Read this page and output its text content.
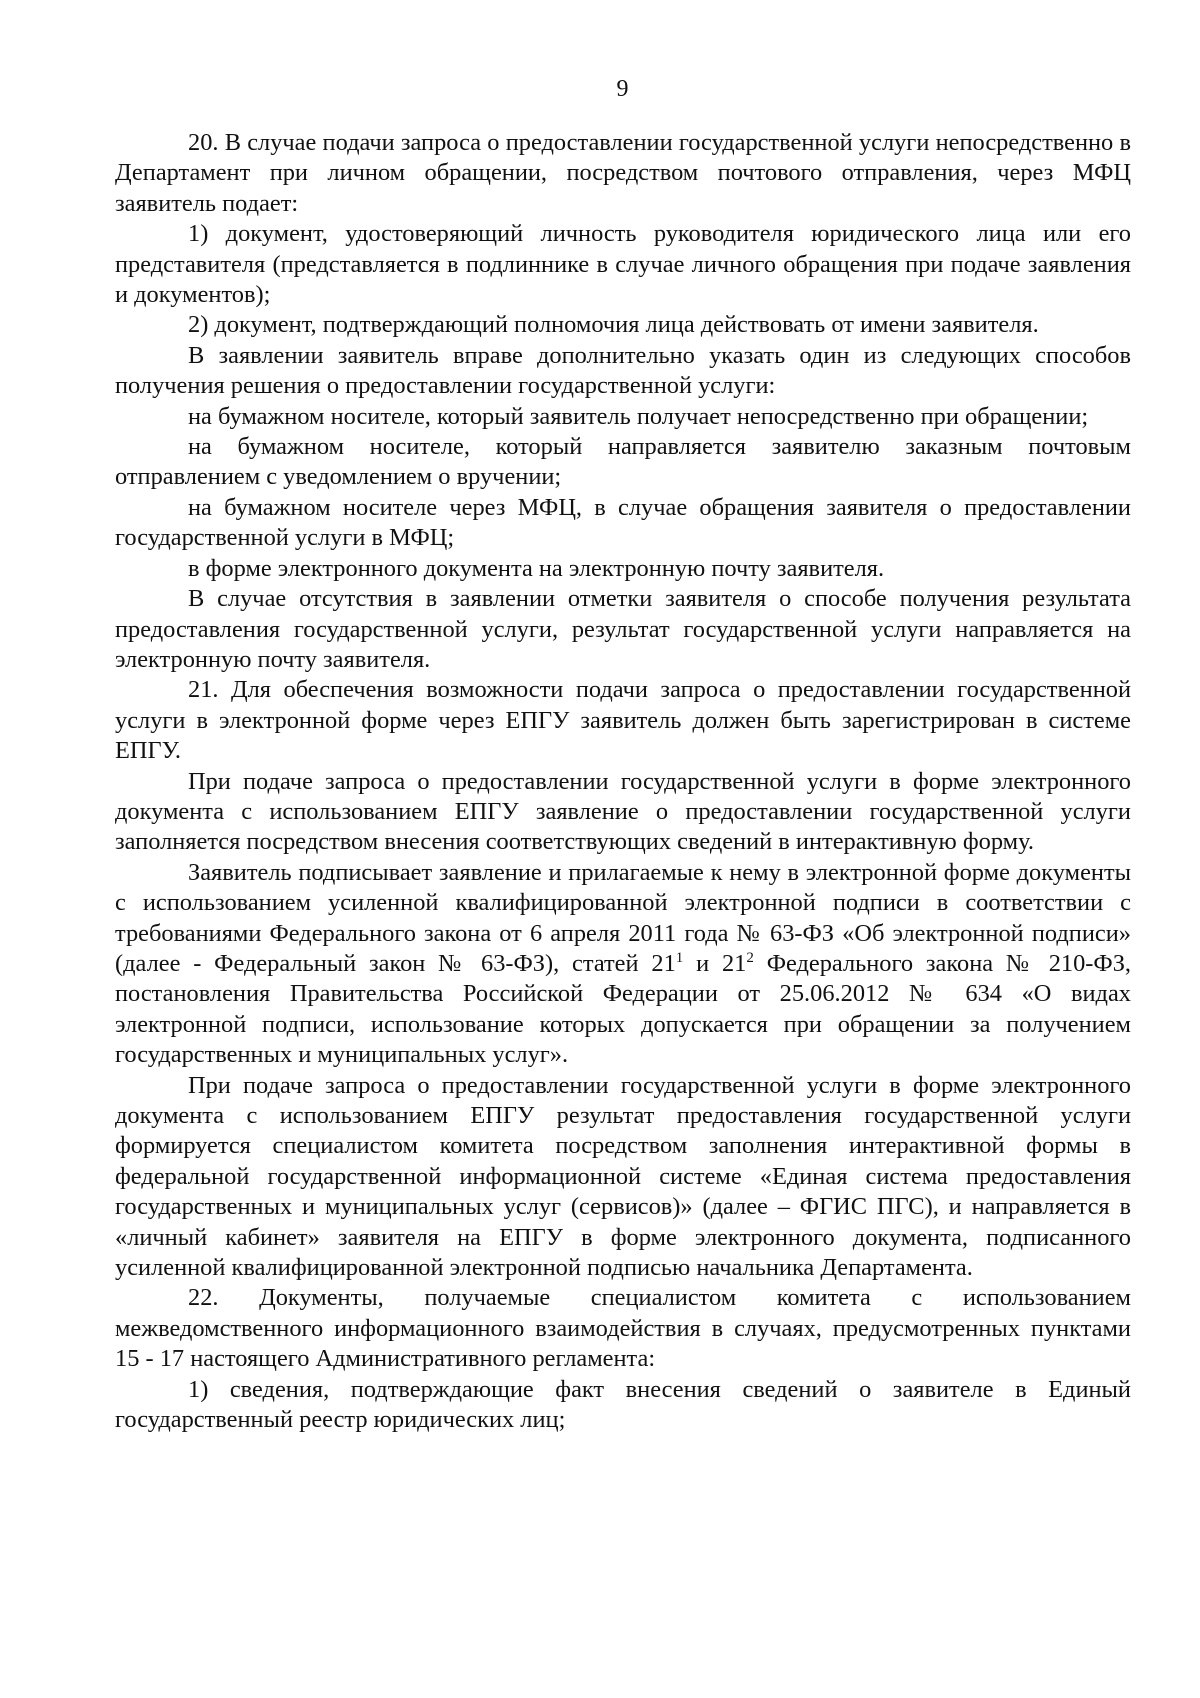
9

20. В случае подачи запроса о предоставлении государственной услуги непосредственно в Департамент при личном обращении, посредством почтового отправления, через МФЦ заявитель подает:

1) документ, удостоверяющий личность руководителя юридического лица или его представителя (представляется в подлиннике в случае личного обращения при подаче заявления и документов);

2) документ, подтверждающий полномочия лица действовать от имени заявителя.

В заявлении заявитель вправе дополнительно указать один из следующих способов получения решения о предоставлении государственной услуги:

на бумажном носителе, который заявитель получает непосредственно при обращении;

на бумажном носителе, который направляется заявителю заказным почтовым отправлением с уведомлением о вручении;

на бумажном носителе через МФЦ, в случае обращения заявителя о предоставлении государственной услуги в МФЦ;

в форме электронного документа на электронную почту заявителя.

В случае отсутствия в заявлении отметки заявителя о способе получения результата предоставления государственной услуги, результат государственной услуги направляется на электронную почту заявителя.

21. Для обеспечения возможности подачи запроса о предоставлении государственной услуги в электронной форме через ЕПГУ заявитель должен быть зарегистрирован в системе ЕПГУ.

При подаче запроса о предоставлении государственной услуги в форме электронного документа с использованием ЕПГУ заявление о предоставлении государственной услуги заполняется посредством внесения соответствующих сведений в интерактивную форму.

Заявитель подписывает заявление и прилагаемые к нему в электронной форме документы с использованием усиленной квалифицированной электронной подписи в соответствии с требованиями Федерального закона от 6 апреля 2011 года № 63-ФЗ «Об электронной подписи» (далее - Федеральный закон № 63-ФЗ), статей $21^1$ и $21^2$ Федерального закона № 210-ФЗ, постановления Правительства Российской Федерации от 25.06.2012 № 634 «О видах электронной подписи, использование которых допускается при обращении за получением государственных и муниципальных услуг».

При подаче запроса о предоставлении государственной услуги в форме электронного документа с использованием ЕПГУ результат предоставления государственной услуги формируется специалистом комитета посредством заполнения интерактивной формы в федеральной государственной информационной системе «Единая система предоставления государственных и муниципальных услуг (сервисов)» (далее – ФГИС ПГС), и направляется в «личный кабинет» заявителя на ЕПГУ в форме электронного документа, подписанного усиленной квалифицированной электронной подписью начальника Департамента.

22. Документы, получаемые специалистом комитета с использованием межведомственного информационного взаимодействия в случаях, предусмотренных пунктами 15 - 17 настоящего Административного регламента:

1) сведения, подтверждающие факт внесения сведений о заявителе в Единый государственный реестр юридических лиц;
